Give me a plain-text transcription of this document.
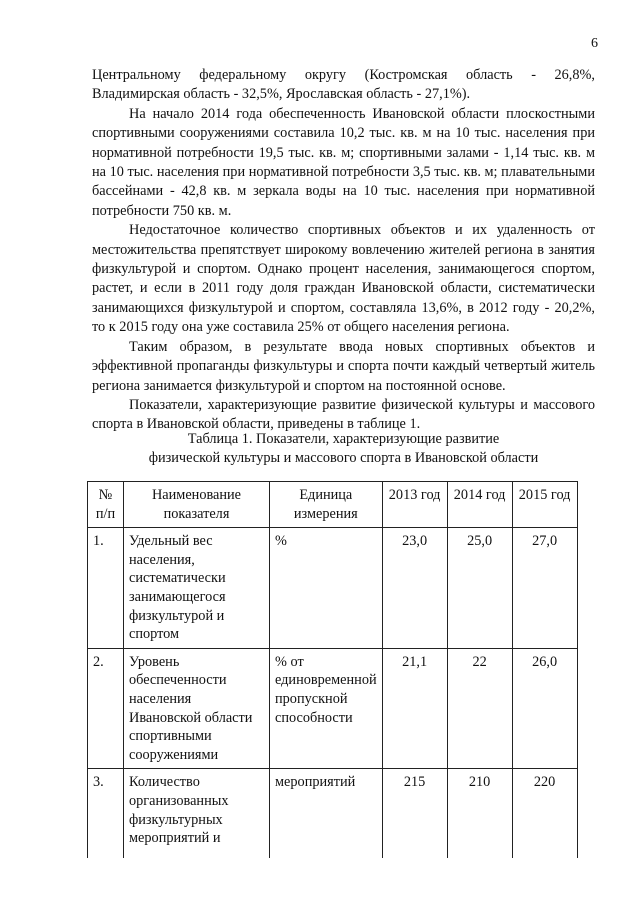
6

Центральному федеральному округу (Костромская область - 26,8%, Владимирская область - 32,5%, Ярославская область - 27,1%).

На начало 2014 года обеспеченность Ивановской области плоскостными спортивными сооружениями составила 10,2 тыс. кв. м на 10 тыс. населения при нормативной потребности 19,5 тыс. кв. м; спортивными залами - 1,14 тыс. кв. м на 10 тыс. населения при нормативной потребности 3,5 тыс. кв. м; плавательными бассейнами - 42,8 кв. м зеркала воды на 10 тыс. населения при нормативной потребности 750 кв. м.

Недостаточное количество спортивных объектов и их удаленность от местожительства препятствует широкому вовлечению жителей региона в занятия физкультурой и спортом. Однако процент населения, занимающегося спортом, растет, и если в 2011 году доля граждан Ивановской области, систематически занимающихся физкультурой и спортом, составляла 13,6%, в 2012 году - 20,2%, то к 2015 году она уже составила 25% от общего населения региона.

Таким образом, в результате ввода новых спортивных объектов и эффективной пропаганды физкультуры и спорта почти каждый четвертый житель региона занимается физкультурой и спортом на постоянной основе.

Показатели, характеризующие развитие физической культуры и массового спорта в Ивановской области, приведены в таблице 1.

Таблица 1. Показатели, характеризующие развитие
физической культуры и массового спорта в Ивановской области
№ п/п	Наименование показателя	Единица измерения	2013 год	2014 год	2015 год
1.	Удельный вес населения, систематически занимающегося физкультурой и спортом	%	23,0	25,0	27,0
2.	Уровень обеспеченности населения Ивановской области спортивными сооружениями	% от единовременной пропускной способности	21,1	22	26,0
3.	Количество организованных физкультурных мероприятий и	мероприятий	215	210	220
